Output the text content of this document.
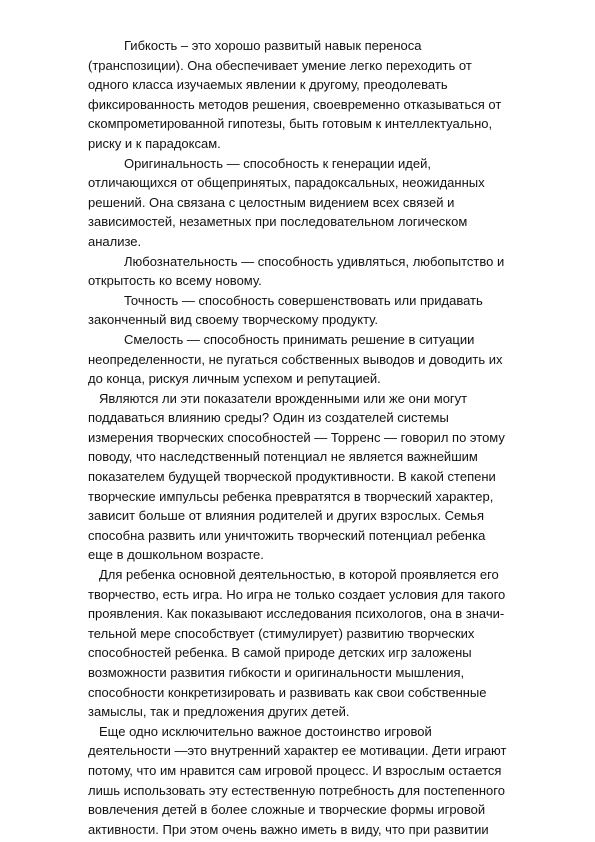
Гибкость – это хорошо развитый навык переноса
(транспозиции). Она обеспечивает умение легко переходить от
одного класса изучаемых явлении к другому, преодолевать
фиксированность методов решения, своевременно отказываться от
скомпрометированной гипотезы, быть готовым к интеллектуально,
риску и к парадоксам.
Оригинальность — способность к генерации идей,
отличающихся от общепринятых, парадоксальных, неожиданных
решений. Она связана с целостным видением всех связей и
зависимостей, незаметных при последовательном логическом
анализе.
Любознательность — способность удивляться, любопытство и
открытость ко всему новому.
Точность — способность совершенствовать или придавать
законченный вид своему творческому продукту.
Смелость — способность принимать решение в ситуации
неопределенности, не пугаться собственных выводов и доводить их
до конца, рискуя личным успехом и репутацией.
Являются ли эти показатели врожденными или же они могут
поддаваться влиянию среды? Один из создателей системы
измерения творческих способностей — Торренс — говорил по этому
поводу, что наследственный потенциал не является важнейшим
показателем будущей творческой продуктивности. В какой степени
творческие импульсы ребенка превратятся в творческий характер,
зависит больше от влияния родителей и других взрослых. Семья
способна развить или уничтожить творческий потенциал ребенка
еще в дошкольном возрасте.
Для ребенка основной деятельностью, в которой проявляется его
творчество, есть игра. Но игра не только создает условия для такого
проявления. Как показывают исследования психологов, она в значи-
тельной мере способствует (стимулирует) развитию творческих
способностей ребенка. В самой природе детских игр заложены
возможности развития гибкости и оригинальности мышления,
способности конкретизировать и развивать как свои собственные
замыслы, так и предложения других детей.
Еще одно исключительно важное достоинство игровой
деятельности —это внутренний характер ее мотивации. Дети играют
потому, что им нравится сам игровой процесс. И взрослым остается
лишь использовать эту естественную потребность для постепенного
вовлечения детей в более сложные и творческие формы игровой
активности. При этом очень важно иметь в виду, что при развитии
